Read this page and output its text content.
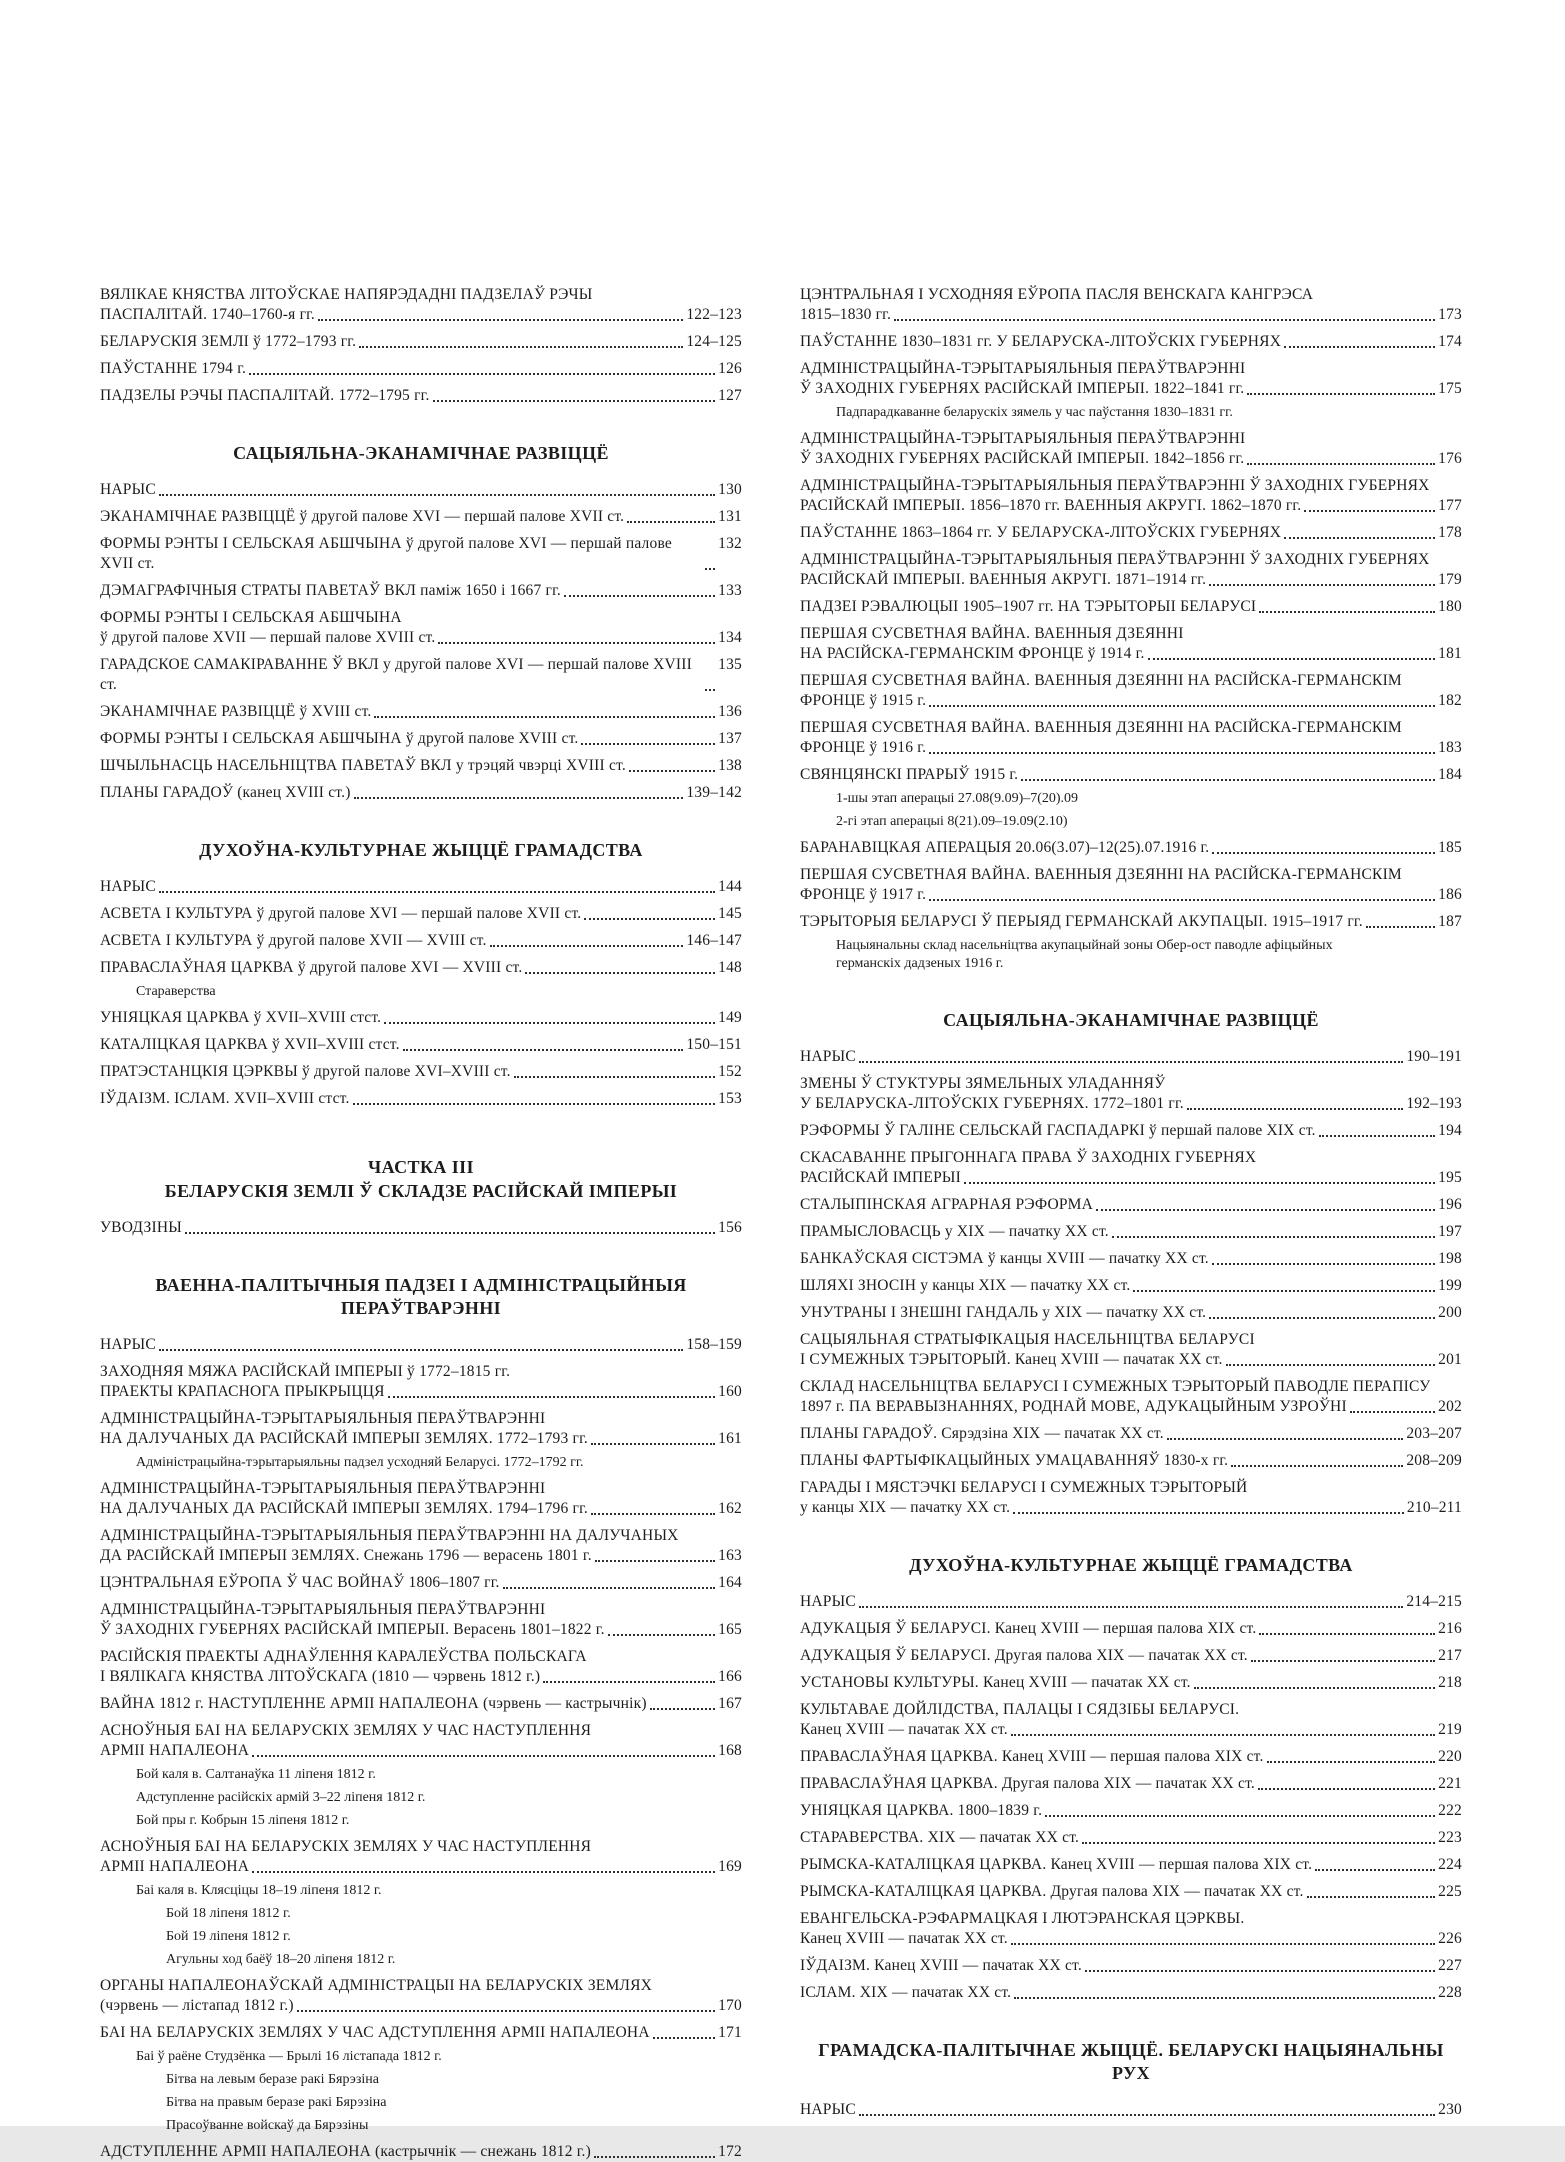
ВЯЛІКАЕ КНЯСТВА ЛІТОЎСКАЕ НАПЯРЭДАДНІ ПАДЗЕЛАЎ РЭЧЫ
ПАСПАЛІТАЙ. 1740–1760-я гг.	122–123
БЕЛАРУСКІЯ ЗЕМЛІ ў 1772–1793 гг.	124–125
ПАЎСТАННЕ 1794 г.	126
ПАДЗЕЛЫ РЭЧЫ ПАСПАЛІТАЙ. 1772–1795 гг.	127
САЦЫЯЛЬНА-ЭКАНАМІЧНАЕ РАЗВІЦЦЁ
НАРЫС	130
ЭКАНАМІЧНАЕ РАЗВІЦЦЁ ў другой палове XVI — першай палове XVII ст.	131
ФОРМЫ РЭНТЫ І СЕЛЬСКАЯ АБШЧЫНА ў другой палове XVI — першай палове XVII ст.
132
ДЭМАГРАФІЧНЫЯ СТРАТЫ ПАВЕТАЎ ВКЛ паміж 1650 і 1667 гг.	133
ФОРМЫ РЭНТЫ І СЕЛЬСКАЯ АБШЧЫНА
ў другой палове XVII — першай палове XVIII ст.	134
ГАРАДСКОЕ САМАКІРАВАННЕ Ў ВКЛ у другой палове XVI — першай палове XVIII ст.
135
ЭКАНАМІЧНАЕ РАЗВІЦЦЁ ў XVIII ст.	136
ФОРМЫ РЭНТЫ І СЕЛЬСКАЯ АБШЧЫНА ў другой палове XVIII ст.	137
ШЧЫЛЬНАСЦЬ НАСЕЛЬНІЦТВА ПАВЕТАЎ ВКЛ у трэцяй чвэрці XVIII ст.	138
ПЛАНЫ ГАРАДОЎ (канец XVIII ст.)	139–142
ДУХОЎНА-КУЛЬТУРНАЕ ЖЫЦЦЁ ГРАМАДСТВА
НАРЫС	144
АСВЕТА І КУЛЬТУРА ў другой палове XVI — першай палове XVII ст.	145
АСВЕТА І КУЛЬТУРА ў другой палове XVII — XVIII ст.	146–147
ПРАВАСЛАЎНАЯ ЦАРКВА ў другой палове XVI — XVIII ст.	148
Стараверства
УНІЯЦКАЯ ЦАРКВА ў XVII–XVIII стст.	149
КАТАЛІЦКАЯ ЦАРКВА ў XVII–XVIII стст.	150–151
ПРАТЭСТАНЦКІЯ ЦЭРКВЫ ў другой палове XVI–XVIII ст.	152
ІЎДАІЗМ. ІСЛАМ. XVII–XVIII стст.	153
ЧАСТКА III
БЕЛАРУСКІЯ ЗЕМЛІ Ў СКЛАДЗЕ РАСІЙСКАЙ ІМПЕРЫІ
УВОДЗІНЫ	156
ВАЕННА-ПАЛІТЫЧНЫЯ ПАДЗЕІ І АДМІНІСТРАЦЫЙНЫЯ ПЕРАЎТВАРЭННІ
НАРЫС	158–159
ЗАХОДНЯЯ МЯЖА РАСІЙСКАЙ ІМПЕРЫІ ў 1772–1815 гг.
ПРАЕКТЫ КРАПАСНОГА ПРЫКРЫЦЦЯ	160
АДМІНІСТРАЦЫЙНА-ТЭРЫТАРЫЯЛЬНЫЯ ПЕРАЎТВАРЭННІ
НА ДАЛУЧАНЫХ ДА РАСІЙСКАЙ ІМПЕРЫІ ЗЕМЛЯХ. 1772–1793 гг.	161
Адміністрацыйна-тэрытарыяльны падзел усходняй Беларусі. 1772–1792 гг.
АДМІНІСТРАЦЫЙНА-ТЭРЫТАРЫЯЛЬНЫЯ ПЕРАЎТВАРЭННІ
НА ДАЛУЧАНЫХ ДА РАСІЙСКАЙ ІМПЕРЫІ ЗЕМЛЯХ. 1794–1796 гг.	162
АДМІНІСТРАЦЫЙНА-ТЭРЫТАРЫЯЛЬНЫЯ ПЕРАЎТВАРЭННІ НА ДАЛУЧАНЫХ
ДА РАСІЙСКАЙ ІМПЕРЫІ ЗЕМЛЯХ. Снежань 1796 — верасень 1801 г.	163
ЦЭНТРАЛЬНАЯ ЕЎРОПА Ў ЧАС ВОЙНАЎ 1806–1807 гг.	164
АДМІНІСТРАЦЫЙНА-ТЭРЫТАРЫЯЛЬНЫЯ ПЕРАЎТВАРЭННІ
Ў ЗАХОДНІХ ГУБЕРНЯХ РАСІЙСКАЙ ІМПЕРЫІ. Верасень 1801–1822 г.	165
РАСІЙСКІЯ ПРАЕКТЫ АДНАЎЛЕННЯ КАРАЛЕЎСТВА ПОЛЬСКАГА
І ВЯЛІКАГА КНЯСТВА ЛІТОЎСКАГА (1810 — чэрвень 1812 г.)	166
ВАЙНА 1812 г. НАСТУПЛЕННЕ АРМІІ НАПАЛЕОНА (чэрвень — кастрычнік)	167
АСНОЎНЫЯ БАІ НА БЕЛАРУСКІХ ЗЕМЛЯХ У ЧАС НАСТУПЛЕННЯ
АРМІІ НАПАЛЕОНА	168
Бой каля в. Салтанаўка 11 ліпеня 1812 г.
Адступленне расійскіх армій 3–22 ліпеня 1812 г.
Бой пры г. Кобрын 15 ліпеня 1812 г.
АСНОЎНЫЯ БАІ НА БЕЛАРУСКІХ ЗЕМЛЯХ У ЧАС НАСТУПЛЕННЯ
АРМІІ НАПАЛЕОНА	169
Баі каля в. Клясціцы 18–19 ліпеня 1812 г.
Бой 18 ліпеня 1812 г.
Бой 19 ліпеня 1812 г.
Агульны ход баёў 18–20 ліпеня 1812 г.
ОРГАНЫ НАПАЛЕОНАЎСКАЙ АДМІНІСТРАЦЫІ НА БЕЛАРУСКІХ ЗЕМЛЯХ
(чэрвень — лістапад 1812 г.)	170
БАІ НА БЕЛАРУСКІХ ЗЕМЛЯХ У ЧАС АДСТУПЛЕННЯ АРМІІ НАПАЛЕОНА	171
Баі ў раёне Студзёнка — Брылі 16 лістапада 1812 г.
Бітва на левым беразе ракі Бярэзіна
Бітва на правым беразе ракі Бярэзіна
Прасоўванне войскаў да Бярэзіны
АДСТУПЛЕННЕ АРМІІ НАПАЛЕОНА (кастрычнік — снежань 1812 г.)	172
ЦЭНТРАЛЬНАЯ І УСХОДНЯЯ ЕЎРОПА ПАСЛЯ ВЕНСКАГА КАНГРЭСА
1815–1830 гг.	173
ПАЎСТАННЕ 1830–1831 гг. У БЕЛАРУСКА-ЛІТОЎСКІХ ГУБЕРНЯХ	174
АДМІНІСТРАЦЫЙНА-ТЭРЫТАРЫЯЛЬНЫЯ ПЕРАЎТВАРЭННІ
Ў ЗАХОДНІХ ГУБЕРНЯХ РАСІЙСКАЙ ІМПЕРЫІ. 1822–1841 гг.	175
Падпарадкаванне беларускіх зямель у час паўстання 1830–1831 гг.
АДМІНІСТРАЦЫЙНА-ТЭРЫТАРЫЯЛЬНЫЯ ПЕРАЎТВАРЭННІ
Ў ЗАХОДНІХ ГУБЕРНЯХ РАСІЙСКАЙ ІМПЕРЫІ. 1842–1856 гг.	176
АДМІНІСТРАЦЫЙНА-ТЭРЫТАРЫЯЛЬНЫЯ ПЕРАЎТВАРЭННІ Ў ЗАХОДНІХ ГУБЕРНЯХ
РАСІЙСКАЙ ІМПЕРЫІ. 1856–1870 гг. ВАЕННЫЯ АКРУГІ. 1862–1870 гг.	177
ПАЎСТАННЕ 1863–1864 гг. У БЕЛАРУСКА-ЛІТОЎСКІХ ГУБЕРНЯХ	178
АДМІНІСТРАЦЫЙНА-ТЭРЫТАРЫЯЛЬНЫЯ ПЕРАЎТВАРЭННІ Ў ЗАХОДНІХ ГУБЕРНЯХ
РАСІЙСКАЙ ІМПЕРЫІ. ВАЕННЫЯ АКРУГІ. 1871–1914 гг.	179
ПАДЗЕІ РЭВАЛЮЦЫІ 1905–1907 гг. НА ТЭРЫТОРЫІ БЕЛАРУСІ	180
ПЕРШАЯ СУСВЕТНАЯ ВАЙНА. ВАЕННЫЯ ДЗЕЯННІ
НА РАСІЙСКА-ГЕРМАНСКІМ ФРОНЦЕ ў 1914 г.	181
ПЕРШАЯ СУСВЕТНАЯ ВАЙНА. ВАЕННЫЯ ДЗЕЯННІ НА РАСІЙСКА-ГЕРМАНСКІМ
ФРОНЦЕ ў 1915 г.	182
ПЕРШАЯ СУСВЕТНАЯ ВАЙНА. ВАЕННЫЯ ДЗЕЯННІ НА РАСІЙСКА-ГЕРМАНСКІМ
ФРОНЦЕ ў 1916 г.	183
СВЯНЦЯНСКІ ПРАРЫЎ 1915 г.	184
1-шы этап аперацыі 27.08(9.09)–7(20).09
2-гі этап аперацыі 8(21).09–19.09(2.10)
БАРАНАВІЦКАЯ АПЕРАЦЫЯ 20.06(3.07)–12(25).07.1916 г.	185
ПЕРШАЯ СУСВЕТНАЯ ВАЙНА. ВАЕННЫЯ ДЗЕЯННІ НА РАСІЙСКА-ГЕРМАНСКІМ
ФРОНЦЕ ў 1917 г.	186
ТЭРЫТОРЫЯ БЕЛАРУСІ Ў ПЕРЫЯД ГЕРМАНСКАЙ АКУПАЦЫІ. 1915–1917 гг.	187
Нацыянальны склад насельніцтва акупацыйнай зоны Обер-ост паводле афіцыйных
германскіх дадзеных 1916 г.
САЦЫЯЛЬНА-ЭКАНАМІЧНАЕ РАЗВІЦЦЁ
НАРЫС	190–191
ЗМЕНЫ Ў СТУКТУРЫ ЗЯМЕЛЬНЫХ УЛАДАННЯЎ
У БЕЛАРУСКА-ЛІТОЎСКІХ ГУБЕРНЯХ. 1772–1801 гг.	192–193
РЭФОРМЫ Ў ГАЛІНЕ СЕЛЬСКАЙ ГАСПАДАРКІ ў першай палове XIX ст.	194
СКАСАВАННЕ ПРЫГОННАГА ПРАВА Ў ЗАХОДНІХ ГУБЕРНЯХ
РАСІЙСКАЙ ІМПЕРЫІ	195
СТАЛЫПІНСКАЯ АГРАРНАЯ РЭФОРМА	196
ПРАМЫСЛОВАСЦЬ у XIX — пачатку XX ст.	197
БАНКАЎСКАЯ СІСТЭМА ў канцы XVIII — пачатку XX ст.	198
ШЛЯХІ ЗНОСІН у канцы XIX — пачатку XX ст.	199
УНУТРАНЫ І ЗНЕШНІ ГАНДАЛЬ у XIX — пачатку XX ст.	200
САЦЫЯЛЬНАЯ СТРАТЫФІКАЦЫЯ НАСЕЛЬНІЦТВА БЕЛАРУСІ
І СУМЕЖНЫХ ТЭРЫТОРЫЙ. Канец XVIII — пачатак XX ст.	201
СКЛАД НАСЕЛЬНІЦТВА БЕЛАРУСІ І СУМЕЖНЫХ ТЭРЫТОРЫЙ ПАВОДЛЕ ПЕРАПІСУ
1897 г. ПА ВЕРАВЫЗНАННЯХ, РОДНАЙ МОВЕ, АДУКАЦЫЙНЫМ УЗРОЎНІ	202
ПЛАНЫ ГАРАДОЎ. Сярэдзіна XIX — пачатак XX ст.	203–207
ПЛАНЫ ФАРТЫФІКАЦЫЙНЫХ УМАЦАВАННЯЎ 1830-х гг.	208–209
ГАРАДЫ І МЯСТЭЧКІ БЕЛАРУСІ І СУМЕЖНЫХ ТЭРЫТОРЫЙ
у канцы XIX — пачатку XX ст.	210–211
ДУХОЎНА-КУЛЬТУРНАЕ ЖЫЦЦЁ ГРАМАДСТВА
НАРЫС	214–215
АДУКАЦЫЯ Ў БЕЛАРУСІ. Канец XVIII — першая палова XIX ст.	216
АДУКАЦЫЯ Ў БЕЛАРУСІ. Другая палова XIX — пачатак XX ст.	217
УСТАНОВЫ КУЛЬТУРЫ. Канец XVIII — пачатак XX ст.	218
КУЛЬТАВАЕ ДОЙЛІДСТВА, ПАЛАЦЫ І СЯДЗІБЫ БЕЛАРУСІ.
Канец XVIII — пачатак XX ст.	219
ПРАВАСЛАЎНАЯ ЦАРКВА. Канец XVIII — першая палова XIX ст.	220
ПРАВАСЛАЎНАЯ ЦАРКВА. Другая палова XIX — пачатак XX ст.	221
УНІЯЦКАЯ ЦАРКВА. 1800–1839 г.	222
СТАРАВЕРСТВА. XIX — пачатак XX ст.	223
РЫМСКА-КАТАЛІЦКАЯ ЦАРКВА. Канец XVIII — першая палова XIX ст.	224
РЫМСКА-КАТАЛІЦКАЯ ЦАРКВА. Другая палова XIX — пачатак XX ст.	225
ЕВАНГЕЛЬСКА-РЭФАРМАЦКАЯ І ЛЮТЭРАНСКАЯ ЦЭРКВЫ.
Канец XVIII — пачатак XX ст.	226
ІЎДАІЗМ. Канец XVIII — пачатак XX ст.	227
ІСЛАМ. XIX — пачатак XX ст.	228
ГРАМАДСКА-ПАЛІТЫЧНАЕ ЖЫЦЦЁ. БЕЛАРУСКІ НАЦЫЯНАЛЬНЫ РУХ
НАРЫС	230
